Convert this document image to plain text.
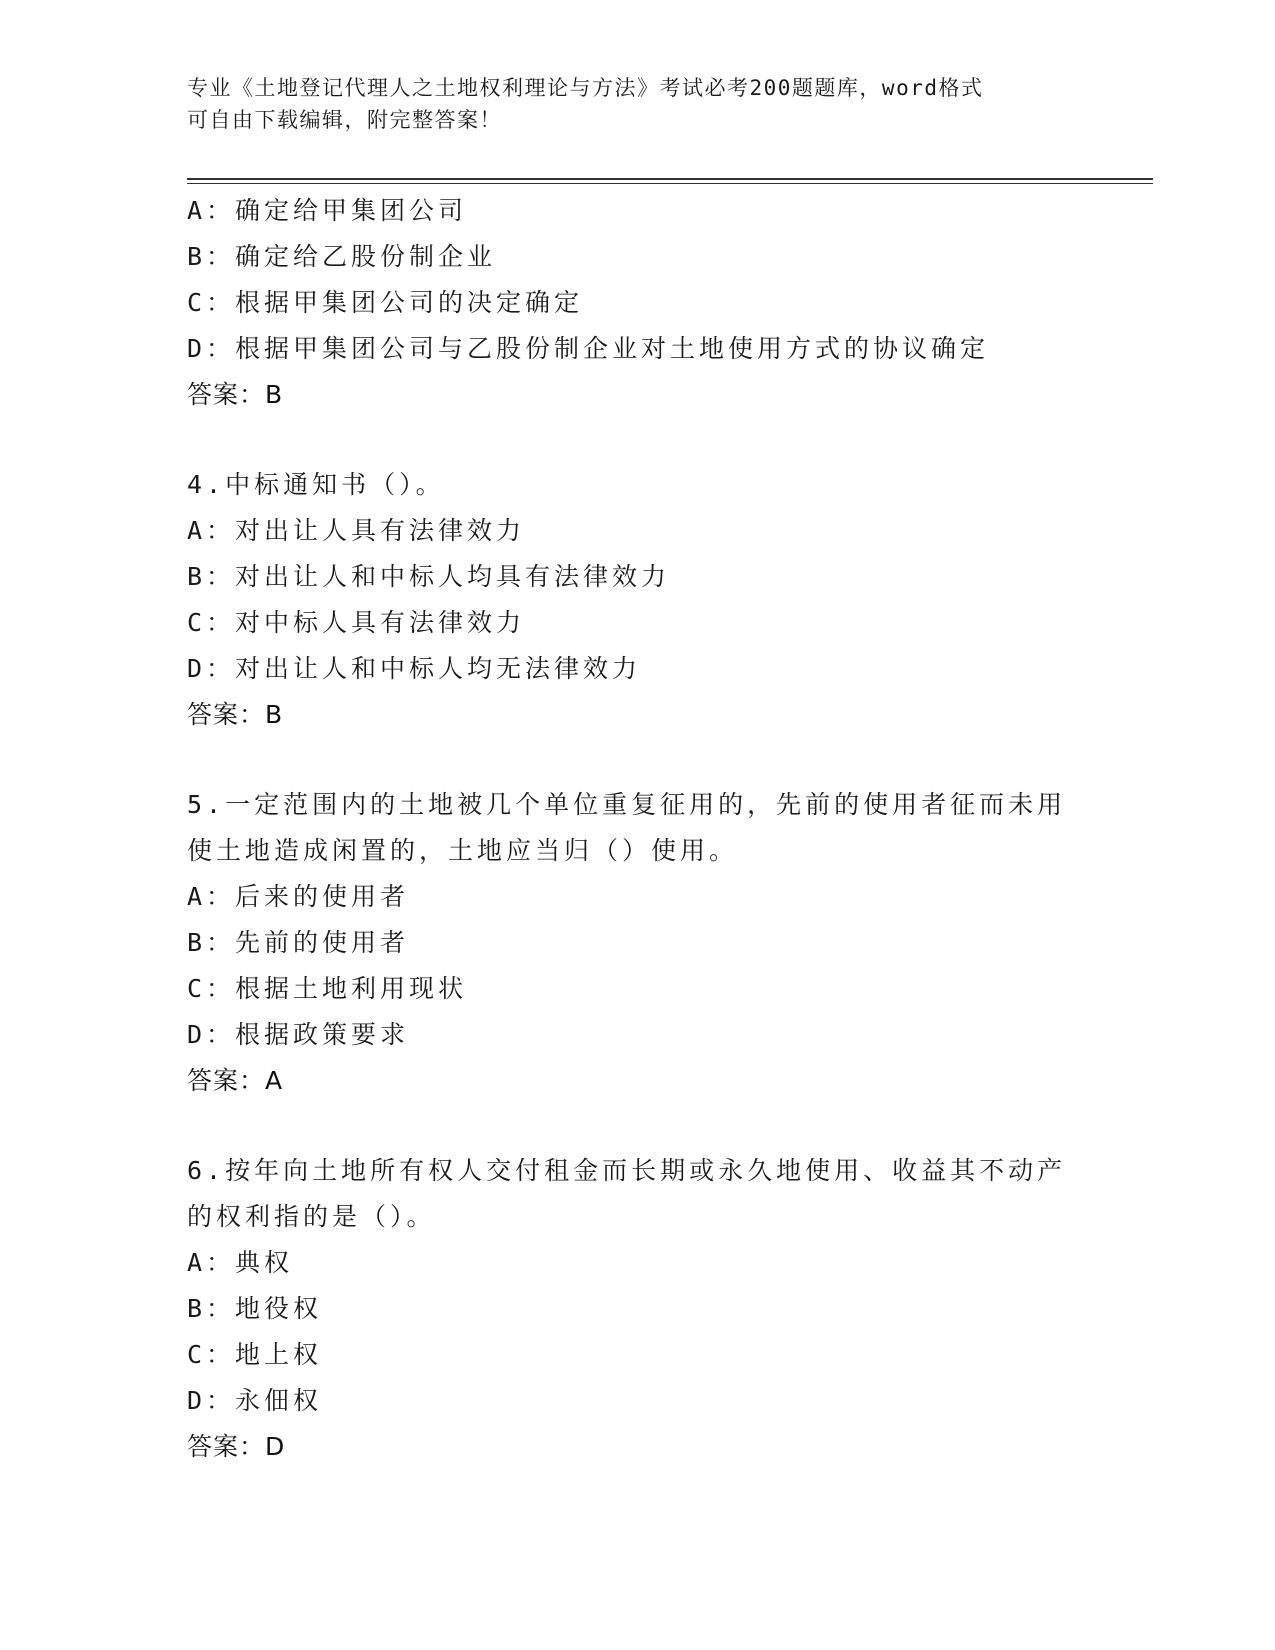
专业《土地登记代理人之土地权利理论与方法》考试必考200题题库，word格式
可自由下载编辑，附完整答案！
A：确定给甲集团公司
B：确定给乙股份制企业
C：根据甲集团公司的决定确定
D：根据甲集团公司与乙股份制企业对土地使用方式的协议确定
答案：B
4.中标通知书（）。
A：对出让人具有法律效力
B：对出让人和中标人均具有法律效力
C：对中标人具有法律效力
D：对出让人和中标人均无法律效力
答案：B
5.一定范围内的土地被几个单位重复征用的，先前的使用者征而未用
使土地造成闲置的，土地应当归（）使用。
A：后来的使用者
B：先前的使用者
C：根据土地利用现状
D：根据政策要求
答案：A
6.按年向土地所有权人交付租金而长期或永久地使用、收益其不动产
的权利指的是（）。
A：典权
B：地役权
C：地上权
D：永佃权
答案：D
